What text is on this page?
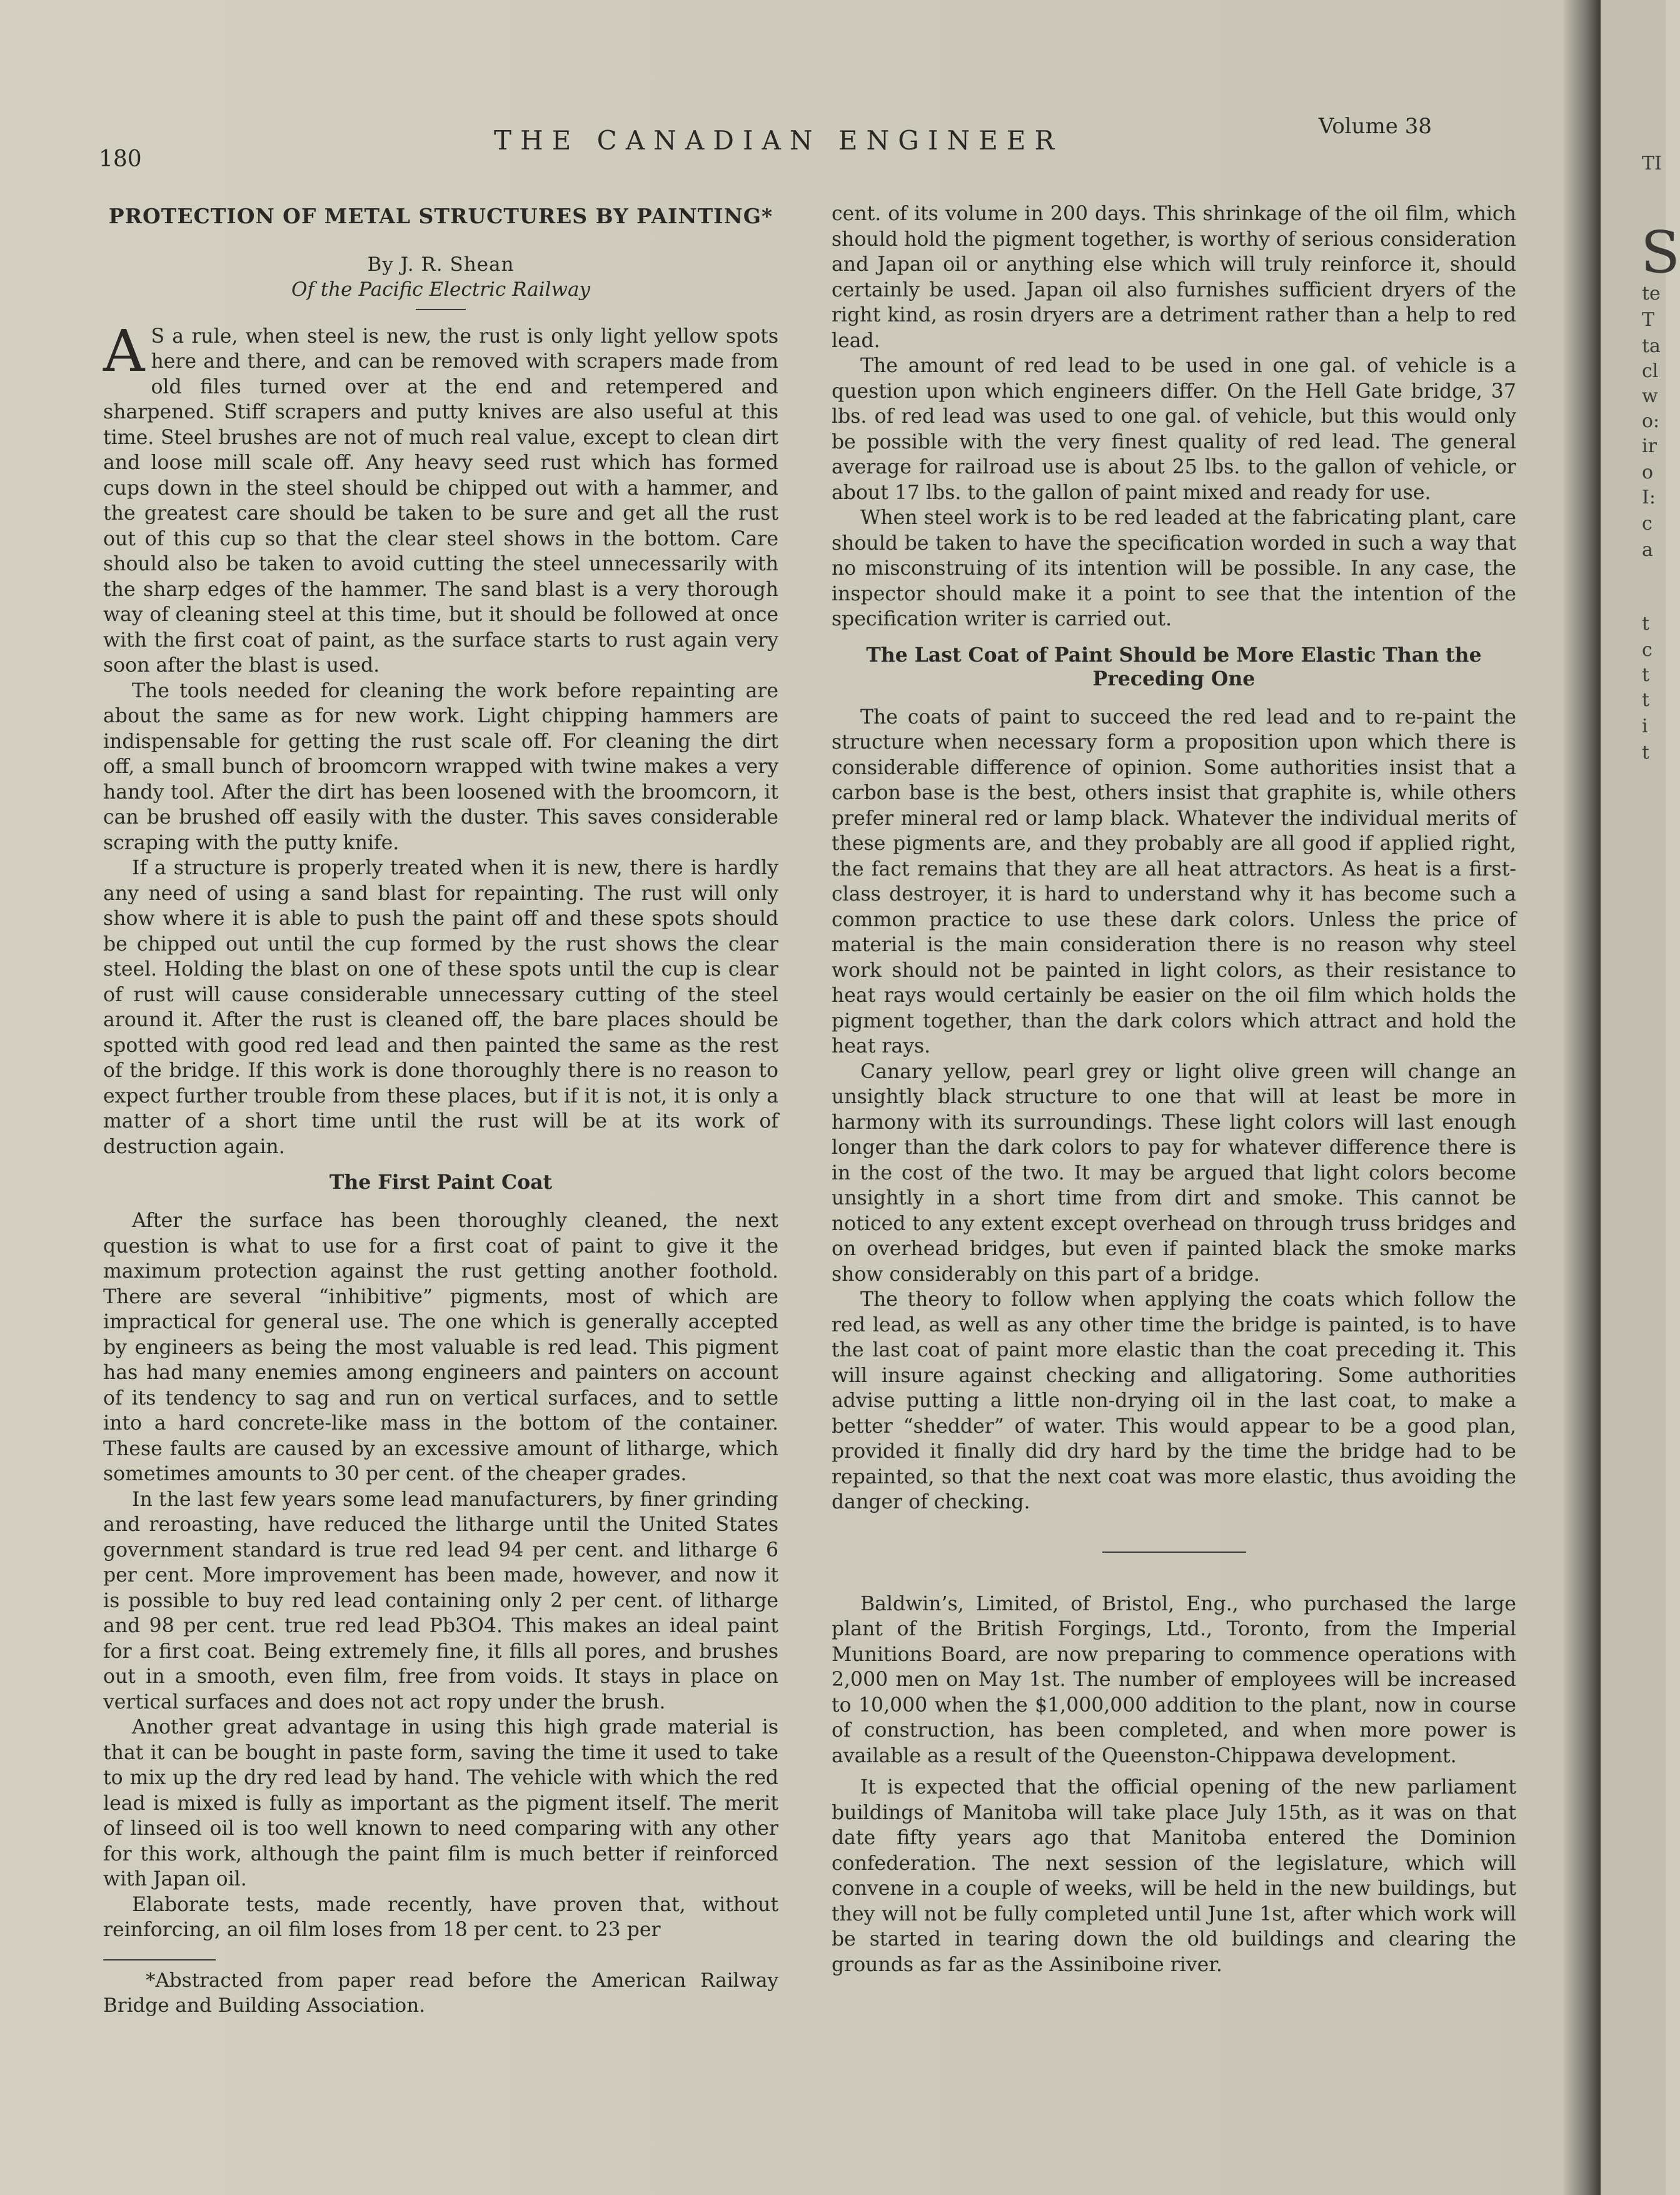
180
THE CANADIAN ENGINEER	Volume 38
PROTECTION OF METAL STRUCTURES BY PAINTING*
By J. R. Shean
Of the Pacific Electric Railway

A S a rule, when steel is new, the rust is only light yellow spots here and there, and can be removed with scrapers made from old files turned over at the end and retempered and sharpened. Stiff scrapers and putty knives are also useful at this time. Steel brushes are not of much real value, except to clean dirt and loose mill scale off. Any heavy seed rust which has formed cups down in the steel should be chipped out with a hammer, and the greatest care should be taken to be sure and get all the rust out of this cup so that the clear steel shows in the bottom. Care should also be taken to avoid cutting the steel unnecessarily with the sharp edges of the hammer. The sand blast is a very thorough way of cleaning steel at this time, but it should be followed at once with the first coat of paint, as the surface starts to rust again very soon after the blast is used.

The tools needed for cleaning the work before repainting are about the same as for new work. Light chipping hammers are indispensable for getting the rust scale off. For cleaning the dirt off, a small bunch of broomcorn wrapped with twine makes a very handy tool. After the dirt has been loosened with the broomcorn, it can be brushed off easily with the duster. This saves considerable scraping with the putty knife.

If a structure is properly treated when it is new, there is hardly any need of using a sand blast for repainting. The rust will only show where it is able to push the paint off and these spots should be chipped out until the cup formed by the rust shows the clear steel. Holding the blast on one of these spots until the cup is clear of rust will cause considerable unnecessary cutting of the steel around it. After the rust is cleaned off, the bare places should be spotted with good red lead and then painted the same as the rest of the bridge. If this work is done thoroughly there is no reason to expect further trouble from these places, but if it is not, it is only a matter of a short time until the rust will be at its work of destruction again.

The First Paint Coat

After the surface has been thoroughly cleaned, the next question is what to use for a first coat of paint to give it the maximum protection against the rust getting another foothold. There are several “inhibitive” pigments, most of which are impractical for general use. The one which is generally accepted by engineers as being the most valuable is red lead. This pigment has had many enemies among engineers and painters on account of its tendency to sag and run on vertical surfaces, and to settle into a hard concrete-like mass in the bottom of the container. These faults are caused by an excessive amount of litharge, which sometimes amounts to 30 per cent. of the cheaper grades.

In the last few years some lead manufacturers, by finer grinding and reroasting, have reduced the litharge until the United States government standard is true red lead 94 per cent. and litharge 6 per cent. More improvement has been made, however, and now it is possible to buy red lead containing only 2 per cent. of litharge and 98 per cent. true red lead Pb3O4. This makes an ideal paint for a first coat. Being extremely fine, it fills all pores, and brushes out in a smooth, even film, free from voids. It stays in place on vertical surfaces and does not act ropy under the brush.

Another great advantage in using this high grade material is that it can be bought in paste form, saving the time it used to take to mix up the dry red lead by hand. The vehicle with which the red lead is mixed is fully as important as the pigment itself. The merit of linseed oil is too well known to need comparing with any other for this work, although the paint film is much better if reinforced with Japan oil.

Elaborate tests, made recently, have proven that, without reinforcing, an oil film loses from 18 per cent. to 23 per

*Abstracted from paper read before the American Railway Bridge and Building Association.

cent. of its volume in 200 days. This shrinkage of the oil film, which should hold the pigment together, is worthy of serious consideration and Japan oil or anything else which will truly reinforce it, should certainly be used. Japan oil also furnishes sufficient dryers of the right kind, as rosin dryers are a detriment rather than a help to red lead.

The amount of red lead to be used in one gal. of vehicle is a question upon which engineers differ. On the Hell Gate bridge, 37 lbs. of red lead was used to one gal. of vehicle, but this would only be possible with the very finest quality of red lead. The general average for railroad use is about 25 lbs. to the gallon of vehicle, or about 17 lbs. to the gallon of paint mixed and ready for use.

When steel work is to be red leaded at the fabricating plant, care should be taken to have the specification worded in such a way that no misconstruing of its intention will be possible. In any case, the inspector should make it a point to see that the intention of the specification writer is carried out.

The Last Coat of Paint Should be More Elastic Than the Preceding One

The coats of paint to succeed the red lead and to re-paint the structure when necessary form a proposition upon which there is considerable difference of opinion. Some authorities insist that a carbon base is the best, others insist that graphite is, while others prefer mineral red or lamp black. Whatever the individual merits of these pigments are, and they probably are all good if applied right, the fact remains that they are all heat attractors. As heat is a first-class destroyer, it is hard to understand why it has become such a common practice to use these dark colors. Unless the price of material is the main consideration there is no reason why steel work should not be painted in light colors, as their resistance to heat rays would certainly be easier on the oil film which holds the pigment together, than the dark colors which attract and hold the heat rays.

Canary yellow, pearl grey or light olive green will change an unsightly black structure to one that will at least be more in harmony with its surroundings. These light colors will last enough longer than the dark colors to pay for whatever difference there is in the cost of the two. It may be argued that light colors become unsightly in a short time from dirt and smoke. This cannot be noticed to any extent except overhead on through truss bridges and on overhead bridges, but even if painted black the smoke marks show considerably on this part of a bridge.

The theory to follow when applying the coats which follow the red lead, as well as any other time the bridge is painted, is to have the last coat of paint more elastic than the coat preceding it. This will insure against checking and alligatoring. Some authorities advise putting a little non-drying oil in the last coat, to make a better “shedder” of water. This would appear to be a good plan, provided it finally did dry hard by the time the bridge had to be repainted, so that the next coat was more elastic, thus avoiding the danger of checking.

Baldwin’s, Limited, of Bristol, Eng., who purchased the large plant of the British Forgings, Ltd., Toronto, from the Imperial Munitions Board, are now preparing to commence operations with 2,000 men on May 1st. The number of employees will be increased to 10,000 when the $1,000,000 addition to the plant, now in course of construction, has been completed, and when more power is available as a result of the Queenston-Chippawa development.

It is expected that the official opening of the new parliament buildings of Manitoba will take place July 15th, as it was on that date fifty years ago that Manitoba entered the Dominion confederation. The next session of the legislature, which will convene in a couple of weeks, will be held in the new buildings, but they will not be fully completed until June 1st, after which work will be started in tearing down the old buildings and clearing the grounds as far as the Assiniboine river.

TI
S
te
T
ta
cl
w
o:
ir
o
I:
c
a
t
c
t
t
i
t
